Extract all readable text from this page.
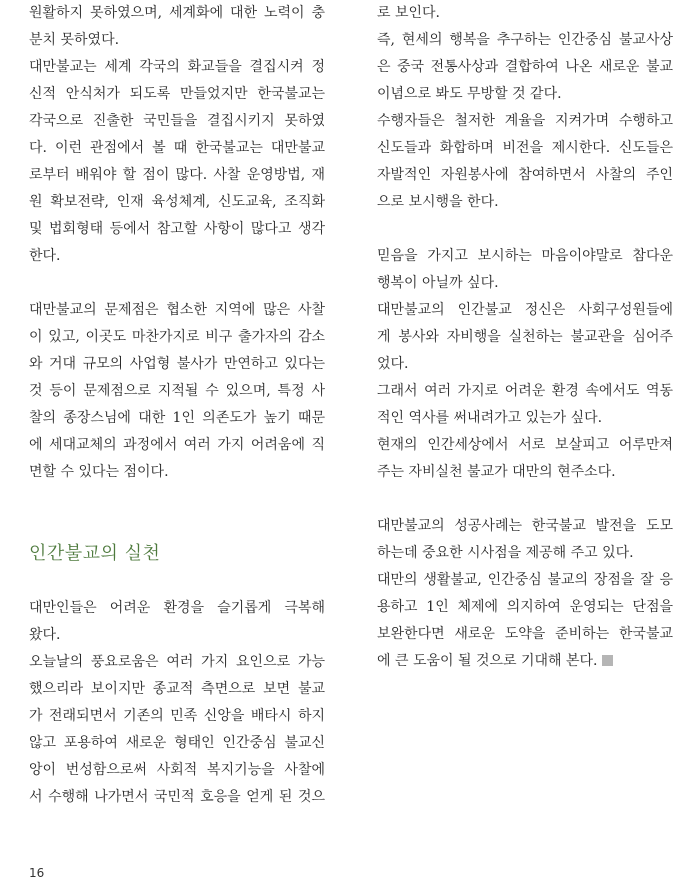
원활하지 못하였으며, 세계화에 대한 노력이 충
분치 못하였다.
대만불교는 세계 각국의 화교들을 결집시켜 정
신적 안식처가 되도록 만들었지만 한국불교는
각국으로 진출한 국민들을 결집시키지 못하였
다. 이런 관점에서 볼 때 한국불교는 대만불교
로부터 배워야 할 점이 많다. 사찰 운영방법, 재
원 확보전략, 인재 육성체계, 신도교육, 조직화
및 법회형태 등에서 참고할 사항이 많다고 생각
한다.
대만불교의 문제점은 협소한 지역에 많은 사찰
이 있고, 이곳도 마찬가지로 비구 출가자의 감소
와 거대 규모의 사업형 불사가 만연하고 있다는
것 등이 문제점으로 지적될 수 있으며, 특정 사
찰의 종장스님에 대한 1인 의존도가 높기 때문
에 세대교체의 과정에서 여러 가지 어려움에 직
면할 수 있다는 점이다.
대만인들은 어려운 환경을 슬기롭게 극복해
왔다.
오늘날의 풍요로움은 여러 가지 요인으로 가능
했으리라 보이지만 종교적 측면으로 보면 불교
가 전래되면서 기존의 민족 신앙을 배타시 하지
않고 포용하여 새로운 형태인 인간중심 불교신
앙이 번성함으로써 사회적 복지기능을 사찰에
서 수행해 나가면서 국민적 호응을 얻게 된 것으
인간불교의 실천
로 보인다.
즉, 현세의 행복을 추구하는 인간중심 불교사상
은 중국 전통사상과 결합하여 나온 새로운 불교
이념으로 봐도 무방할 것 같다.
수행자들은 철저한 계율을 지켜가며 수행하고
신도들과 화합하며 비전을 제시한다. 신도들은
자발적인 자원봉사에 참여하면서 사찰의 주인
으로 보시행을 한다.
믿음을 가지고 보시하는 마음이야말로 참다운
행복이 아닐까 싶다.
대만불교의 인간불교 정신은 사회구성원들에
게 봉사와 자비행을 실천하는 불교관을 심어주
었다.
그래서 여러 가지로 어려운 환경 속에서도 역동
적인 역사를 써내려가고 있는가 싶다.
현재의 인간세상에서 서로 보살피고 어루만져
주는 자비실천 불교가 대만의 현주소다.
대만불교의 성공사례는 한국불교 발전을 도모
하는데 중요한 시사점을 제공해 주고 있다.
대만의 생활불교, 인간중심 불교의 장점을 잘 응
용하고 1인 체제에 의지하여 운영되는 단점을
보완한다면 새로운 도약을 준비하는 한국불교
에 큰 도움이 될 것으로 기대해 본다.
16
